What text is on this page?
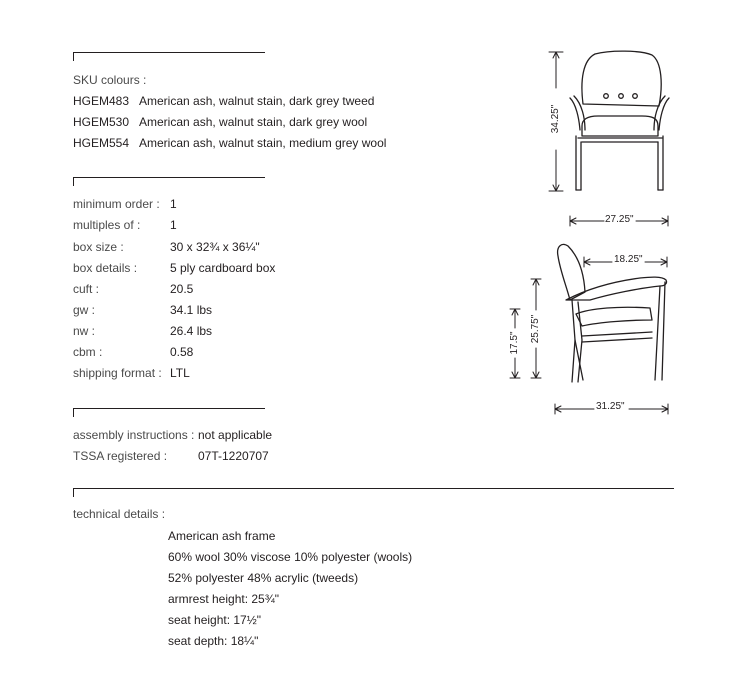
SKU colours :
HGEM483 American ash, walnut stain, dark grey tweed
HGEM530 American ash, walnut stain, dark grey wool
HGEM554 American ash, walnut stain, medium grey wool
minimum order : 1
multiples of : 1
box size :	30 x 32¾ x 36¼"
box details :	5 ply cardboard box
cuft :	20.5
gw :	34.1 lbs
nw :	26.4 lbs
cbm :	0.58
shipping format : LTL
assembly instructions : not applicable
TSSA registered :	07T-1220707
technical details :
American ash frame
60% wool 30% viscose 10% polyester (wools)
52% polyester 48% acrylic (tweeds)
armrest height: 25¾"
seat height: 17½"
seat depth: 18¼"
34.25"
27.25"
18.25"
17.5" 25.75"
31.25"
